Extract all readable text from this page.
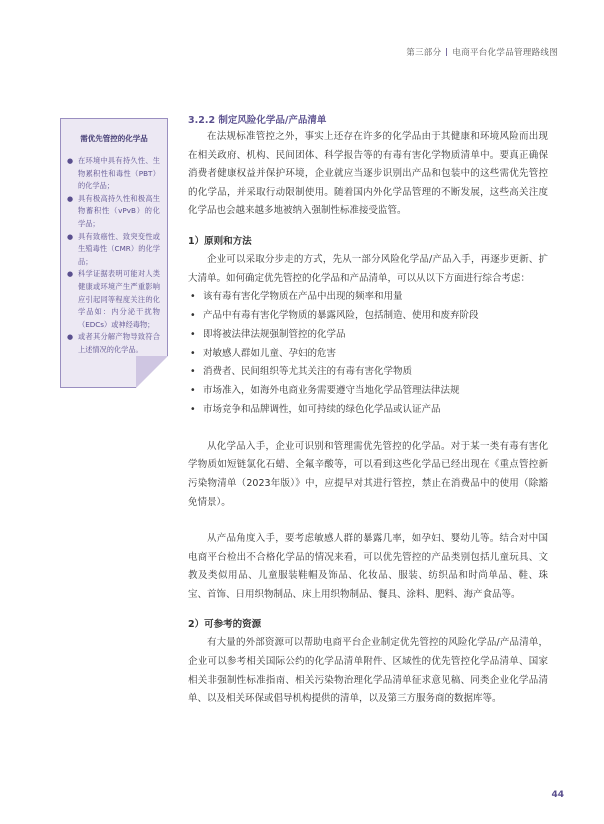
第三部分 电商平台化学品管理路线图
需优先管控的化学品
● 在环境中具有持久性、生物累积性和毒性（PBT）的化学品；
● 具有极高持久性和极高生物蓄积性（vPvB）的化学品；
● 具有致癌性、致突变性或生殖毒性（CMR）的化学品；
● 科学证据表明可能对人类健康或环境产生严重影响应引起同等程度关注的化学品如：内分泌干扰物（EDCs）或神经毒物；
● 或者其分解产物导致符合上述情况的化学品。
3.2.2 制定风险化学品/产品清单

在法规标准管控之外，事实上还存在许多的化学品由于其健康和环境风险而出现在相关政府、机构、民间团体、科学报告等的有毒有害化学物质清单中。要真正确保消费者健康权益并保护环境，企业就应当逐步识别出产品和包装中的这些需优先管控的化学品，并采取行动限制使用。随着国内外化学品管理的不断发展，这些高关注度化学品也会越来越多地被纳入强制性标准接受监管。

1）原则和方法

企业可以采取分步走的方式，先从一部分风险化学品/产品入手，再逐步更新、扩大清单。如何确定优先管控的化学品和产品清单，可以从以下方面进行综合考虑：

• 该有毒有害化学物质在产品中出现的频率和用量
• 产品中有毒有害化学物质的暴露风险，包括制造、使用和废弃阶段
• 即将被法律法规强制管控的化学品
• 对敏感人群如儿童、孕妇的危害
• 消费者、民间组织等尤其关注的有毒有害化学物质
• 市场准入，如海外电商业务需要遵守当地化学品管理法律法规
• 市场竞争和品牌调性，如可持续的绿色化学品或认证产品

从化学品入手，企业可识别和管理需优先管控的化学品。对于某一类有毒有害化学物质如短链氯化石蜡、全氟辛酸等，可以看到这些化学品已经出现在《重点管控新污染物清单（2023年版）》中，应提早对其进行管控，禁止在消费品中的使用（除豁免情景）。

从产品角度入手，要考虑敏感人群的暴露几率，如孕妇、婴幼儿等。结合对中国电商平台检出不合格化学品的情况来看，可以优先管控的产品类别包括儿童玩具、文教及类似用品、儿童服装鞋帽及饰品、化妆品、服装、纺织品和时尚单品、鞋、珠宝、首饰、日用织物制品、床上用织物制品、餐具、涂料、肥料、海产食品等。

2）可参考的资源

有大量的外部资源可以帮助电商平台企业制定优先管控的风险化学品/产品清单，企业可以参考相关国际公约的化学品清单附件、区域性的优先管控化学品清单、国家相关非强制性标准指南、相关污染物治理化学品清单征求意见稿、同类企业化学品清单、以及相关环保或倡导机构提供的清单，以及第三方服务商的数据库等。

44
